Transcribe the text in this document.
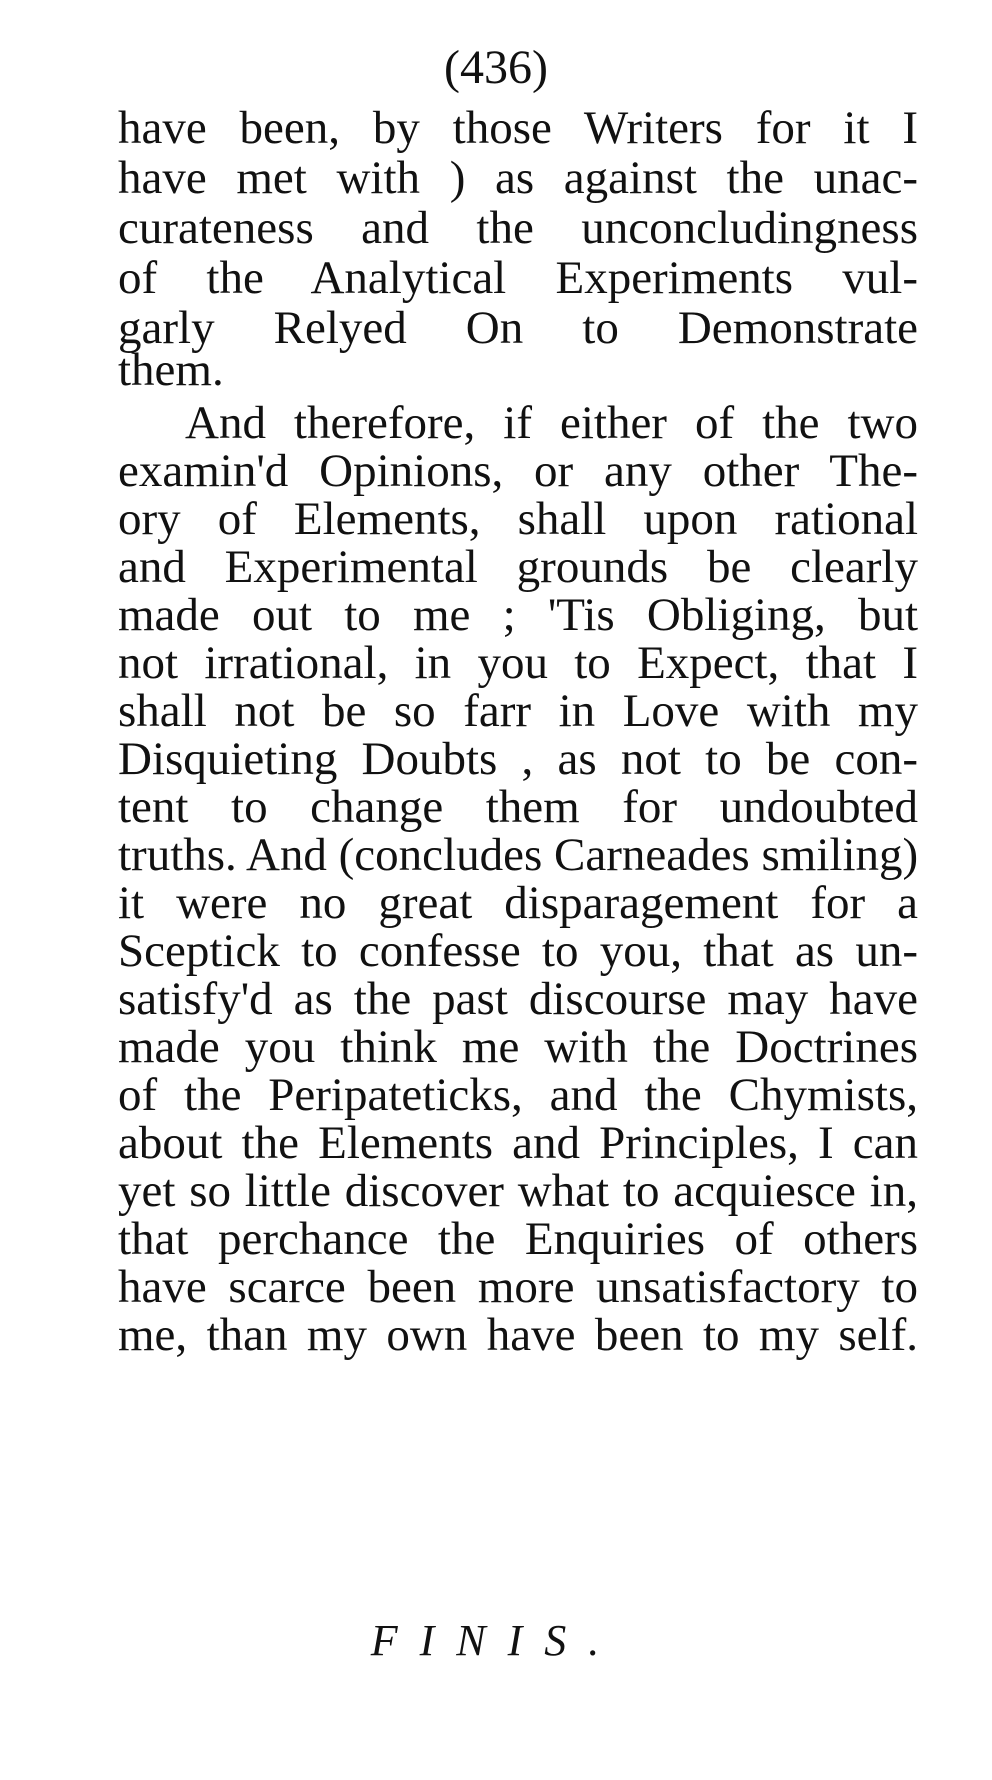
(436)
have been, by those Writers for it I
have met with ) as against the unac-
curateness and the unconcludingness
of the Analytical Experiments vul-
garly Relyed On to Demonstrate
them.
And therefore, if either of the two
examin'd Opinions, or any other The-
ory of Elements, shall upon rational
and Experimental grounds be clearly
made out to me ; 'Tis Obliging, but
not irrational, in you to Expect, that I
shall not be so farr in Love with my
Disquieting Doubts , as not to be con-
tent to change them for undoubted
truths. And (concludes Carneades smiling)
it were no great disparagement for a
Sceptick to confesse to you, that as un-
satisfy'd as the past discourse may have
made you think me with the Doctrines
of the Peripateticks, and the Chymists,
about the Elements and Principles, I can
yet so little discover what to acquiesce in,
that perchance the Enquiries of others
have scarce been more unsatisfactory to
me, than my own have been to my self.
FINIS.
